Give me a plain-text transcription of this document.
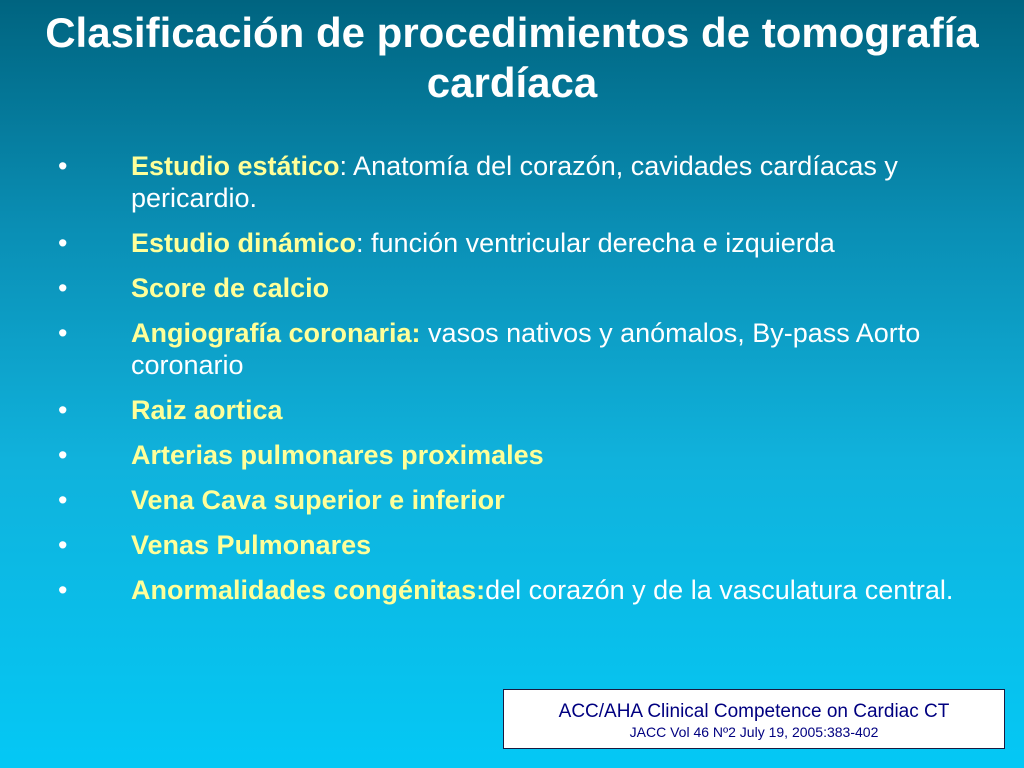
Clasificación de procedimientos de tomografía cardíaca
• Estudio estático: Anatomía del corazón, cavidades cardíacas y pericardio.
• Estudio dinámico: función ventricular derecha e izquierda
• Score de calcio
• Angiografía coronaria: vasos nativos y anómalos, By-pass Aorto coronario
• Raiz aortica
• Arterias pulmonares proximales
• Vena Cava superior e inferior
• Venas Pulmonares
• Anormalidades congénitas:del corazón y de la vasculatura central.
ACC/AHA Clinical Competence on Cardiac CT
JACC Vol 46 Nº2 July 19, 2005:383-402
